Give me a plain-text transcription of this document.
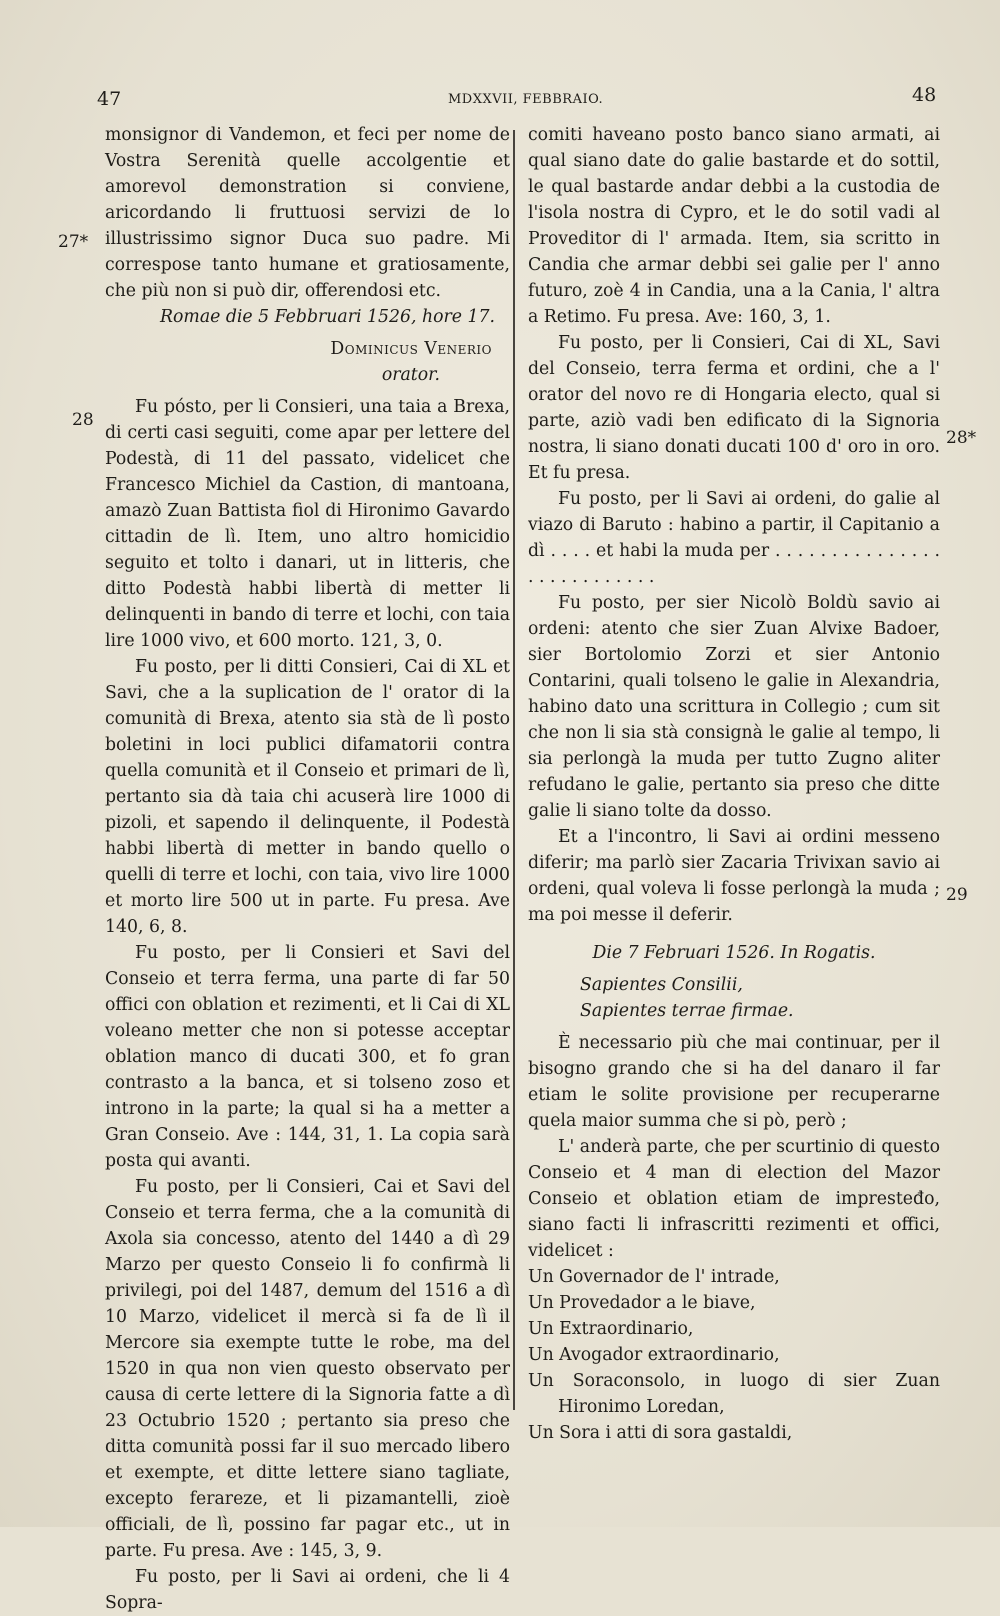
47	MDXXVII, FEBBRAIO.	48
27*
28
28*
29

monsignor di Vandemon, et feci per nome de Vostra Serenità quelle accolgentie et amorevol demonstration si conviene, aricordando li fruttuosi servizi de lo illustrissimo signor Duca suo padre. Mi correspose tanto humane et gratiosamente, che più non si può dir, offerendosi etc.

Romae die 5 Febbruari 1526, hore 17.

Dominicus Venerio

orator.

Fu pósto, per li Consieri, una taia a Brexa, di certi casi seguiti, come apar per lettere del Podestà, di 11 del passato, videlicet che Francesco Michiel da Castion, di mantoana, amazò Zuan Battista fiol di Hironimo Gavardo cittadin de lì. Item, uno altro homicidio seguito et tolto i danari, ut in litteris, che ditto Podestà habbi libertà di metter li delinquenti in bando di terre et lochi, con taia lire 1000 vivo, et 600 morto. 121, 3, 0.

Fu posto, per li ditti Consieri, Cai di XL et Savi, che a la suplication de l' orator di la comunità di Brexa, atento sia stà de lì posto boletini in loci publici difamatorii contra quella comunità et il Conseio et primari de lì, pertanto sia dà taia chi acuserà lire 1000 di pizoli, et sapendo il delinquente, il Podestà habbi libertà di metter in bando quello o quelli di terre et lochi, con taia, vivo lire 1000 et morto lire 500 ut in parte. Fu presa. Ave 140, 6, 8.

Fu posto, per li Consieri et Savi del Conseio et terra ferma, una parte di far 50 offici con oblation et rezimenti, et li Cai di XL voleano metter che non si potesse acceptar oblation manco di ducati 300, et fo gran contrasto a la banca, et si tolseno zoso et introno in la parte; la qual si ha a metter a Gran Conseio. Ave : 144, 31, 1. La copia sarà posta qui avanti.

Fu posto, per li Consieri, Cai et Savi del Conseio et terra ferma, che a la comunità di Axola sia concesso, atento del 1440 a dì 29 Marzo per questo Conseio li fo confirmà li privilegi, poi del 1487, demum del 1516 a dì 10 Marzo, videlicet il mercà si fa de lì il Mercore sia exempte tutte le robe, ma del 1520 in qua non vien questo observato per causa di certe lettere di la Signoria fatte a dì 23 Octubrio 1520 ; pertanto sia preso che ditta comunità possi far il suo mercado libero et exempte, et ditte lettere siano tagliate, excepto ferareze, et li pizamantelli, zioè officiali, de lì, possino far pagar etc., ut in parte. Fu presa. Ave : 145, 3, 9.

Fu posto, per li Savi ai ordeni, che li 4 Sopra-

comiti haveano posto banco siano armati, ai qual siano date do galie bastarde et do sottil, le qual bastarde andar debbi a la custodia de l'isola nostra di Cypro, et le do sotil vadi al Proveditor di l' armada. Item, sia scritto in Candia che armar debbi sei galie per l' anno futuro, zoè 4 in Candia, una a la Cania, l' altra a Retimo. Fu presa. Ave: 160, 3, 1.

Fu posto, per li Consieri, Cai di XL, Savi del Conseio, terra ferma et ordini, che a l' orator del novo re di Hongaria electo, qual si parte, aziò vadi ben edificato di la Signoria nostra, li siano donati ducati 100 d' oro in oro. Et fu presa.

Fu posto, per li Savi ai ordeni, do galie al viazo di Baruto : habino a partir, il Capitanio a dì . . . . et habi la muda per . . . . . . . . . . . . . . . . . . . . . . . . . . .

Fu posto, per sier Nicolò Boldù savio ai ordeni: atento che sier Zuan Alvixe Badoer, sier Bortolomio Zorzi et sier Antonio Contarini, quali tolseno le galie in Alexandria, habino dato una scrittura in Collegio ; cum sit che non li sia stà consignà le galie al tempo, li sia perlongà la muda per tutto Zugno aliter refudano le galie, pertanto sia preso che ditte galie li siano tolte da dosso.

Et a l'incontro, li Savi ai ordini messeno diferir; ma parlò sier Zacaria Trivixan savio ai ordeni, qual voleva li fosse perlongà la muda ; ma poi messe il deferir.

Die 7 Februari 1526. In Rogatis.

Sapientes Consilii,

Sapientes terrae firmae.

È necessario più che mai continuar, per il bisogno grando che si ha del danaro il far etiam le solite provisione per recuperarne quela maior summa che si pò, però ;

L' anderà parte, che per scurtinio di questo Conseio et 4 man di election del Mazor Conseio et oblation etiam de impresteđo, siano facti li infrascritti rezimenti et offici, videlicet :

Un Governador de l' intrade,

Un Provedador a le biave,

Un Extraordinario,

Un Avogador extraordinario,

Un Soraconsolo, in luogo di sier Zuan Hironimo Loredan,

Un Sora i atti di sora gastaldi,
